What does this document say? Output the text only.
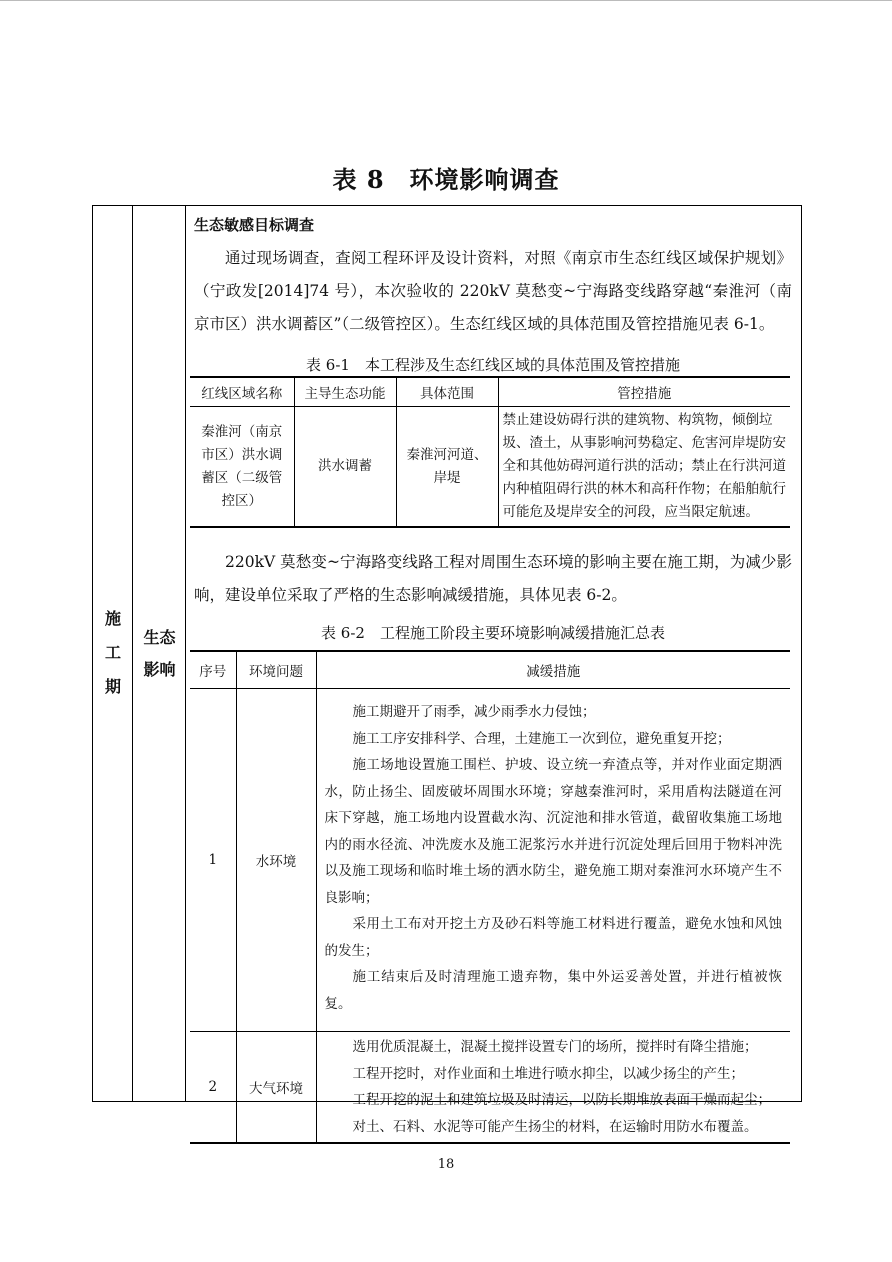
表 8　环境影响调查
施
工
期
生态
影响
生态敏感目标调查

通过现场调查，查阅工程环评及设计资料，对照《南京市生态红线区域保护规划》（宁政发[2014]74 号），本次验收的 220kV 莫愁变~宁海路变线路穿越“秦淮河（南京市区）洪水调蓄区”（二级管控区）。生态红线区域的具体范围及管控措施见表 6-1。

表 6-1　本工程涉及生态红线区域的具体范围及管控措施
红线区域名称	主导生态功能	具体范围	管控措施
秦淮河（南京市区）洪水调蓄区（二级管控区）	洪水调蓄	秦淮河河道、岸堤	禁止建设妨碍行洪的建筑物、构筑物，倾倒垃圾、渣土，从事影响河势稳定、危害河岸堤防安全和其他妨碍河道行洪的活动；禁止在行洪河道内种植阻碍行洪的林木和高秆作物；在船舶航行可能危及堤岸安全的河段，应当限定航速。

220kV 莫愁变~宁海路变线路工程对周围生态环境的影响主要在施工期，为减少影响，建设单位采取了严格的生态影响减缓措施，具体见表 6-2。

表 6-2　工程施工阶段主要环境影响减缓措施汇总表
序号	环境问题	减缓措施
1	水环境	施工期避开了雨季，减少雨季水力侵蚀；

施工工序安排科学、合理，土建施工一次到位，避免重复开挖；

施工场地设置施工围栏、护坡、设立统一弃渣点等，并对作业面定期洒水，防止扬尘、固废破坏周围水环境；穿越秦淮河时，采用盾构法隧道在河床下穿越，施工场地内设置截水沟、沉淀池和排水管道，截留收集施工场地内的雨水径流、冲洗废水及施工泥浆污水并进行沉淀处理后回用于物料冲洗以及施工现场和临时堆土场的洒水防尘，避免施工期对秦淮河水环境产生不良影响；

采用土工布对开挖土方及砂石料等施工材料进行覆盖，避免水蚀和风蚀的发生；

施工结束后及时清理施工遗弃物，集中外运妥善处置，并进行植被恢复。

2	大气环境	选用优质混凝土，混凝土搅拌设置专门的场所，搅拌时有降尘措施；

工程开挖时，对作业面和土堆进行喷水抑尘，以减少扬尘的产生；

工程开挖的泥土和建筑垃圾及时清运，以防长期堆放表面干燥而起尘；

对土、石料、水泥等可能产生扬尘的材料，在运输时用防水布覆盖。

18
